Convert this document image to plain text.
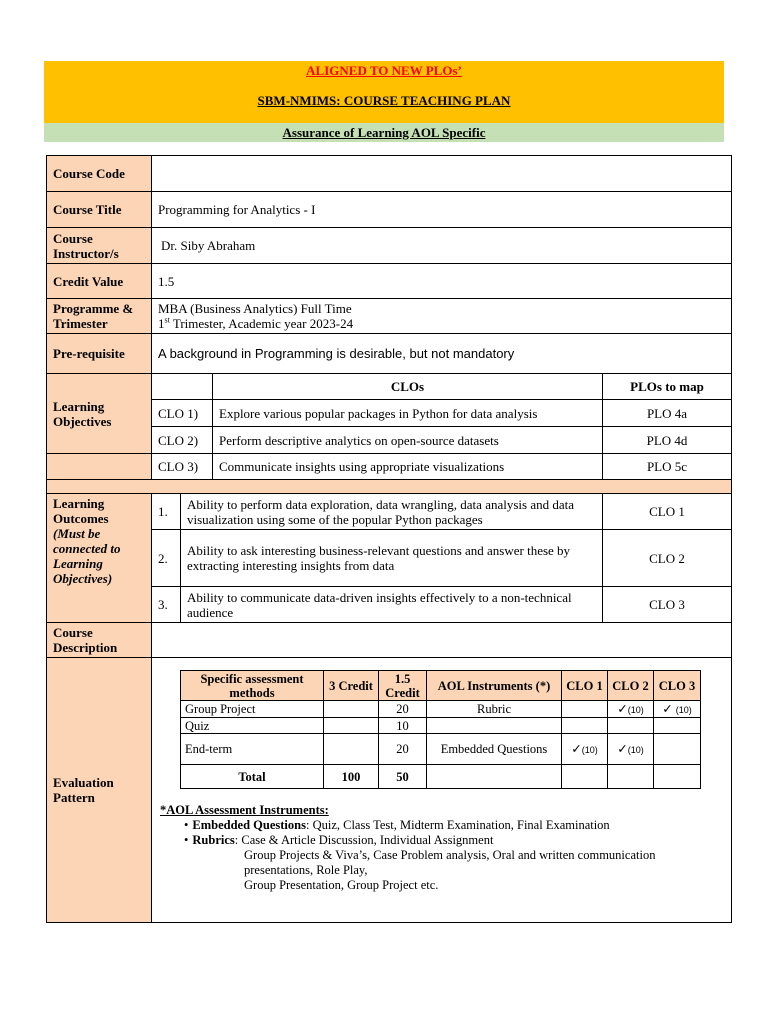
ALIGNED TO NEW PLOs’
SBM-NMIMS: COURSE TEACHING PLAN
Assurance of Learning AOL Specific
Course Code	
Course Title	Programming for Analytics - I
Course Instructor/s	Dr. Siby Abraham
Credit Value	1.5
Programme & Trimester	
MBA (Business Analytics) Full Time
1st Trimester, Academic year 2023-24

Pre-requisite	A background in Programming is desirable, but not mandatory
Learning Objectives		CLOs	PLOs to map
CLO 1)	Explore various popular packages in Python for data analysis	PLO 4a
CLO 2)	Perform descriptive analytics on open-source datasets	PLO 4d
	CLO 3)	Communicate insights using appropriate visualizations	PLO 5c

Learning Outcomes
(Must be connected to Learning Objectives)
	1.	Ability to perform data exploration, data wrangling, data analysis and data visualization using some of the popular Python packages	CLO 1
2.	Ability to ask interesting business-relevant questions and answer these by extracting interesting insights from data	CLO 2
3.	Ability to communicate data-driven insights effectively to a non-technical audience	CLO 3
Course Description	
Evaluation Pattern	
Specific assessment methods	3 Credit	1.5 Credit	AOL Instruments (*)	CLO 1	CLO 2	CLO 3
Group Project		20	Rubric		✓(10)	✓ (10)
Quiz		10				
End-term		20	Embedded Questions	✓(10)	✓(10)	
Total	100	50				
*AOL Assessment Instruments:
• Embedded Questions: Quiz, Class Test, Midterm Examination, Final Examination
• Rubrics: Case & Article Discussion, Individual Assignment
Group Projects & Viva’s, Case Problem analysis, Oral and written communication presentations, Role Play,
Group Presentation, Group Project etc.
